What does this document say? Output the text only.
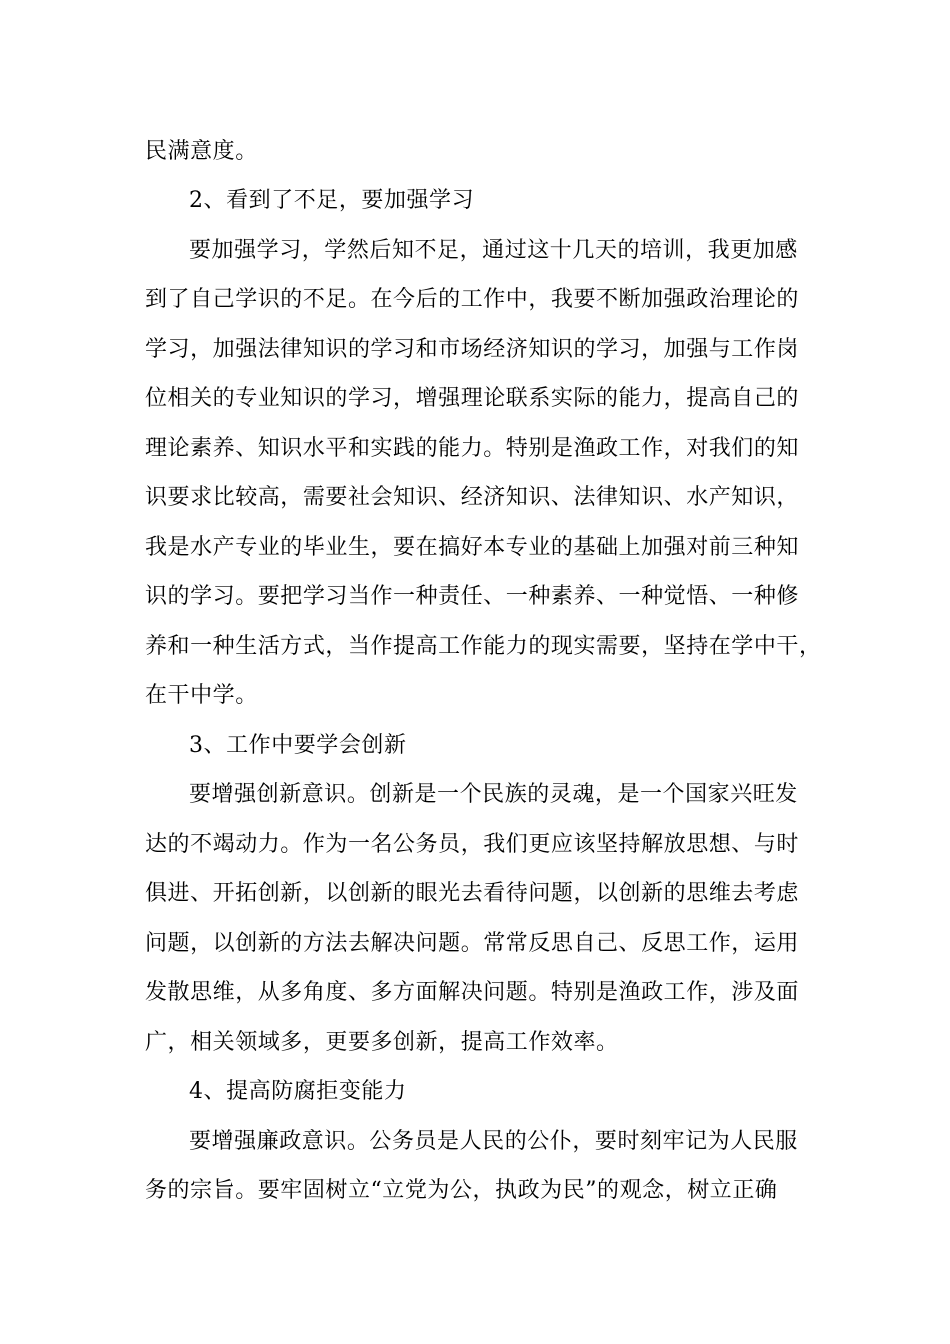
民满意度。

2、看到了不足，要加强学习

要加强学习，学然后知不足，通过这十几天的培训，我更加感

到了自己学识的不足。在今后的工作中，我要不断加强政治理论的

学习，加强法律知识的学习和市场经济知识的学习，加强与工作岗

位相关的专业知识的学习，增强理论联系实际的能力，提高自己的

理论素养、知识水平和实践的能力。特别是渔政工作，对我们的知

识要求比较高，需要社会知识、经济知识、法律知识、水产知识，

我是水产专业的毕业生，要在搞好本专业的基础上加强对前三种知

识的学习。要把学习当作一种责任、一种素养、一种觉悟、一种修

养和一种生活方式，当作提高工作能力的现实需要，坚持在学中干，

在干中学。

3、工作中要学会创新

要增强创新意识。创新是一个民族的灵魂，是一个国家兴旺发

达的不竭动力。作为一名公务员，我们更应该坚持解放思想、与时

俱进、开拓创新，以创新的眼光去看待问题，以创新的思维去考虑

问题，以创新的方法去解决问题。常常反思自己、反思工作，运用

发散思维，从多角度、多方面解决问题。特别是渔政工作，涉及面

广，相关领域多，更要多创新，提高工作效率。

4、提高防腐拒变能力

要增强廉政意识。公务员是人民的公仆，要时刻牢记为人民服

务的宗旨。要牢固树立“立党为公，执政为民”的观念，树立正确
